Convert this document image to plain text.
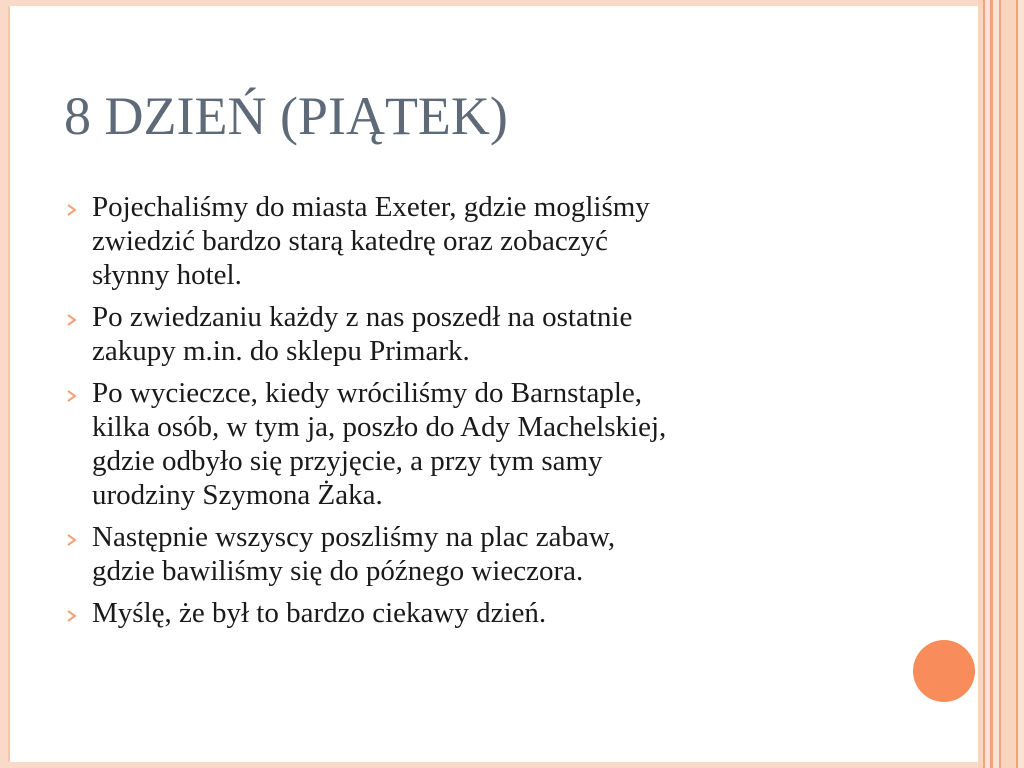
8 DZIEŃ (PIĄTEK)
Pojechaliśmy do miasta Exeter, gdzie mogliśmy
zwiedzić bardzo starą katedrę oraz zobaczyć
słynny hotel.
Po zwiedzaniu każdy z nas poszedł na ostatnie
zakupy m.in. do sklepu Primark.
Po wycieczce, kiedy wróciliśmy do Barnstaple,
kilka osób, w tym ja, poszło do Ady Machelskiej,
gdzie odbyło się przyjęcie, a przy tym samy
urodziny Szymona Żaka.
Następnie wszyscy poszliśmy na plac zabaw,
gdzie bawiliśmy się do późnego wieczora.
Myślę, że był to bardzo ciekawy dzień.
